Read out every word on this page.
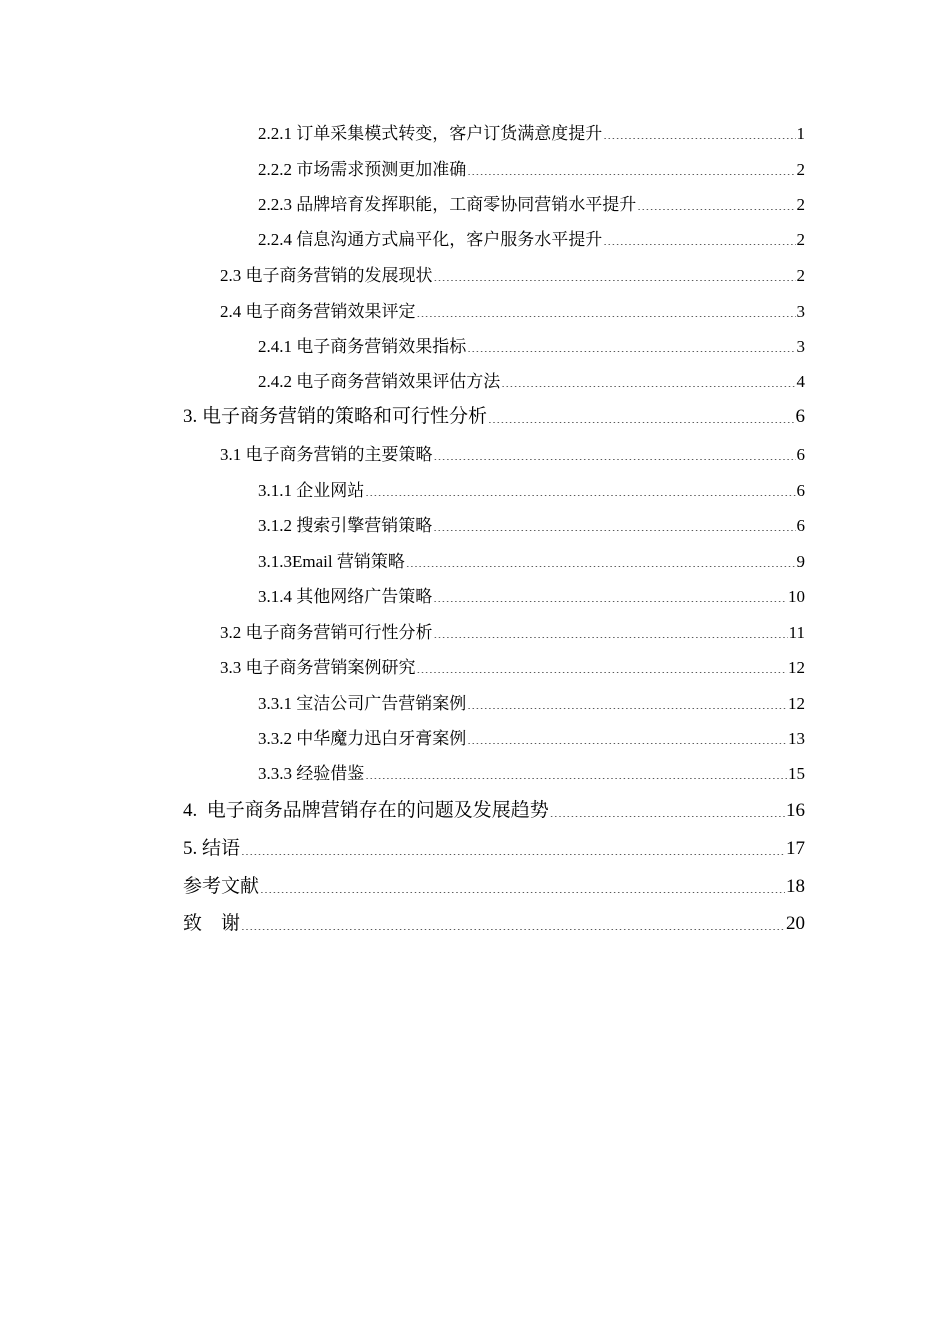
2.2.1 订单采集模式转变，客户订货满意度提升 .....	1
2.2.2 市场需求预测更加准确 .....	2
2.2.3 品牌培育发挥职能，工商零协同营销水平提升 .....	2
2.2.4 信息沟通方式扁平化，客户服务水平提升 .....	2
2.3 电子商务营销的发展现状 .....	2
2.4 电子商务营销效果评定 .....	3
2.4.1 电子商务营销效果指标 .....	3
2.4.2 电子商务营销效果评估方法 .....	4
3. 电子商务营销的策略和可行性分析 .....	6
3.1 电子商务营销的主要策略 .....	6
3.1.1 企业网站 .....	6
3.1.2 搜索引擎营销策略 .....	6
3.1.3Email 营销策略 .....	9
3.1.4 其他网络广告策略 .....	10
3.2 电子商务营销可行性分析 .....	11
3.3 电子商务营销案例研究 .....	12
3.3.1 宝洁公司广告营销案例 .....	12
3.3.2 中华魔力迅白牙膏案例 .....	13
3.3.3 经验借鉴 .....	15
4.  电子商务品牌营销存在的问题及发展趋势 .....	16
5. 结语 .....	17
参考文献 .....	18
致    谢 .....	20
